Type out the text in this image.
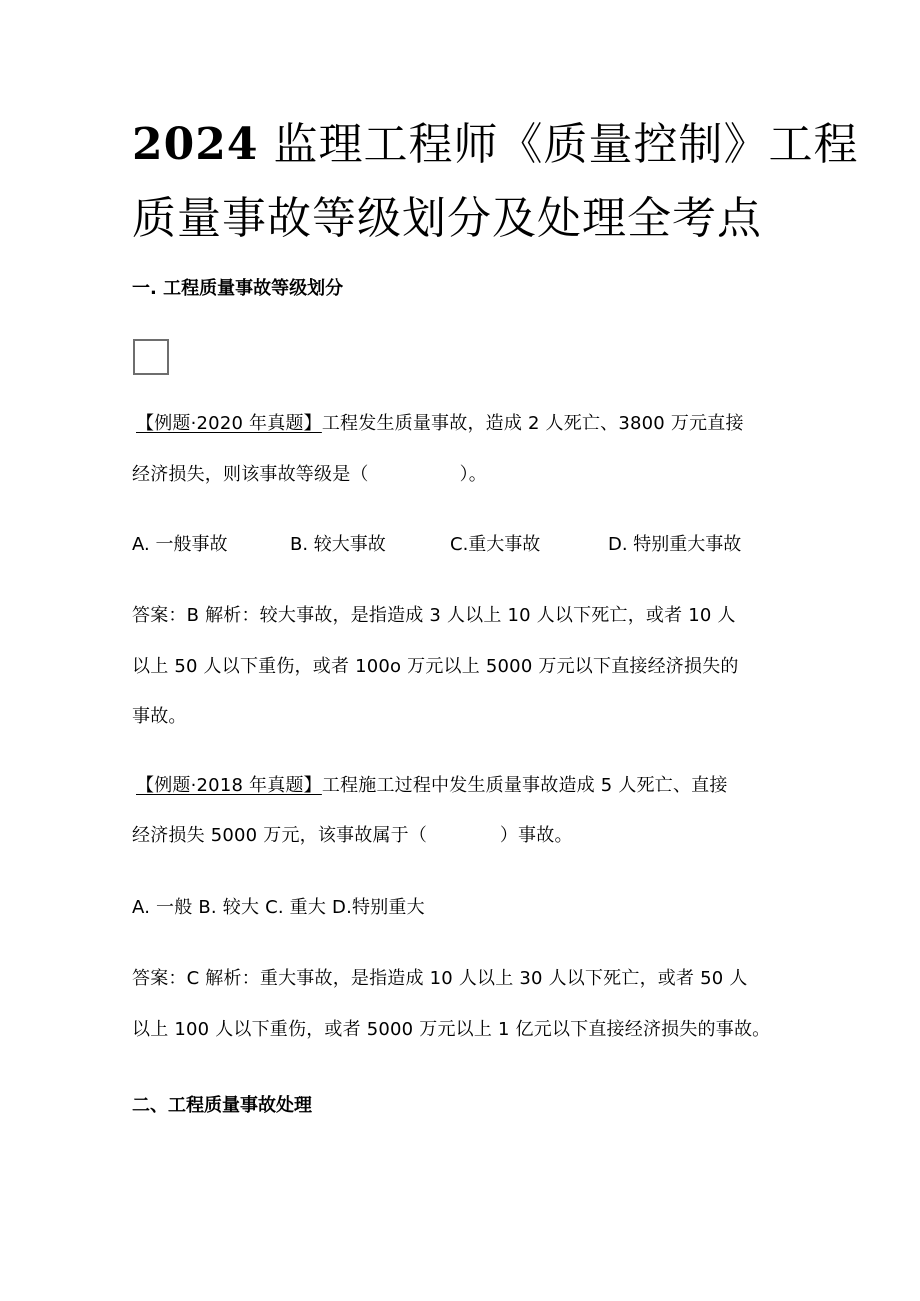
2024 监理工程师《质量控制》工程
质量事故等级划分及处理全考点
一. 工程质量事故等级划分
【例题·2020 年真题】工程发生质量事故，造成 2 人死亡、3800 万元直接
经济损失，则该事故等级是（　　　　　）。
A. 一般事故	B. 较大事故	C.重大事故	D. 特别重大事故
答案：B 解析：较大事故，是指造成 3 人以上 10 人以下死亡，或者 10 人
以上 50 人以下重伤，或者 100o 万元以上 5000 万元以下直接经济损失的
事故。
【例题·2018 年真题】工程施工过程中发生质量事故造成 5 人死亡、直接
经济损失 5000 万元，该事故属于（　　　　）事故。
A. 一般 B. 较大 C. 重大 D.特别重大
答案：C 解析：重大事故，是指造成 10 人以上 30 人以下死亡，或者 50 人
以上 100 人以下重伤，或者 5000 万元以上 1 亿元以下直接经济损失的事故。
二、工程质量事故处理
